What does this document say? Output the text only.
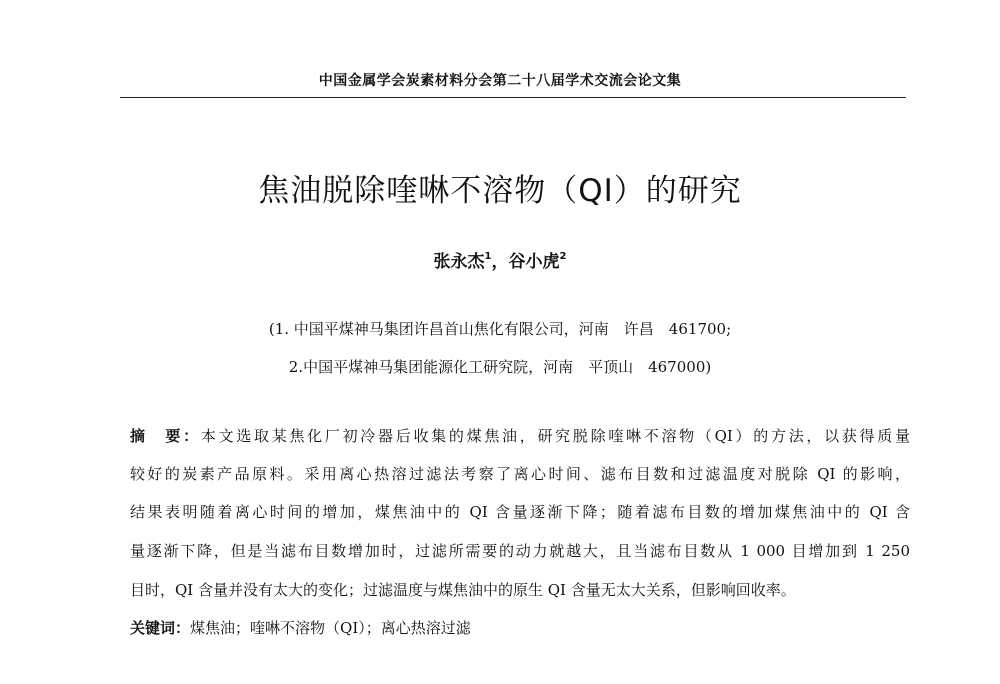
中国金属学会炭素材料分会第二十八届学术交流会论文集
焦油脱除喹啉不溶物（QI）的研究
张永杰$^1$，谷小虎$^2$
(1. 中国平煤神马集团许昌首山焦化有限公司，河南　许昌　461700;
2.中国平煤神马集团能源化工研究院，河南　平顶山　467000)
摘　要：本文选取某焦化厂初冷器后收集的煤焦油，研究脱除喹啉不溶物（QI）的方法，以获得质量
较好的炭素产品原料。采用离心热溶过滤法考察了离心时间、滤布目数和过滤温度对脱除 QI 的影响，
结果表明随着离心时间的增加，煤焦油中的 QI 含量逐渐下降；随着滤布目数的增加煤焦油中的 QI 含
量逐渐下降，但是当滤布目数增加时，过滤所需要的动力就越大，且当滤布目数从 1 000 目增加到 1 250
目时，QI 含量并没有太大的变化；过滤温度与煤焦油中的原生 QI 含量无太大关系，但影响回收率。
关键词：煤焦油；喹啉不溶物（QI）；离心热溶过滤
